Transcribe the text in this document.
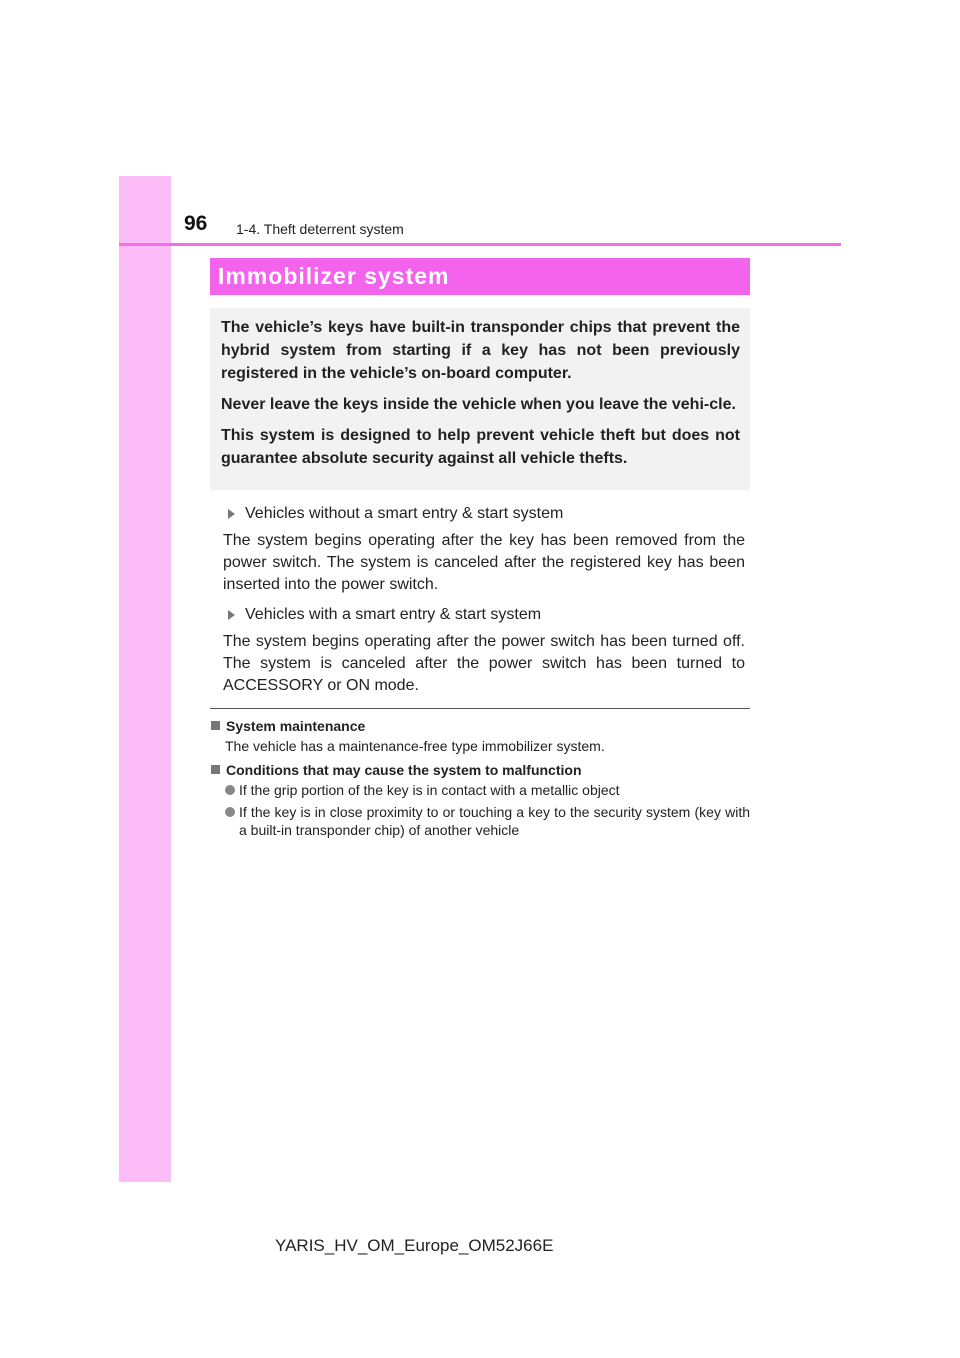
96 1-4. Theft deterrent system
Immobilizer system

The vehicle’s keys have built-in transponder chips that prevent the hybrid system from starting if a key has not been previously registered in the vehicle’s on-board computer.

Never leave the keys inside the vehicle when you leave the vehi-cle.

This system is designed to help prevent vehicle theft but does not guarantee absolute security against all vehicle thefts.

Vehicles without a smart entry & start system

The system begins operating after the key has been removed from the power switch. The system is canceled after the registered key has been inserted into the power switch.

Vehicles with a smart entry & start system

The system begins operating after the power switch has been turned off. The system is canceled after the power switch has been turned to ACCESSORY or ON mode.

System maintenance
The vehicle has a maintenance-free type immobilizer system.
Conditions that may cause the system to malfunction
If the grip portion of the key is in contact with a metallic object
If the key is in close proximity to or touching a key to the security system (key with a built-in transponder chip) of another vehicle
YARIS_HV_OM_Europe_OM52J66E
